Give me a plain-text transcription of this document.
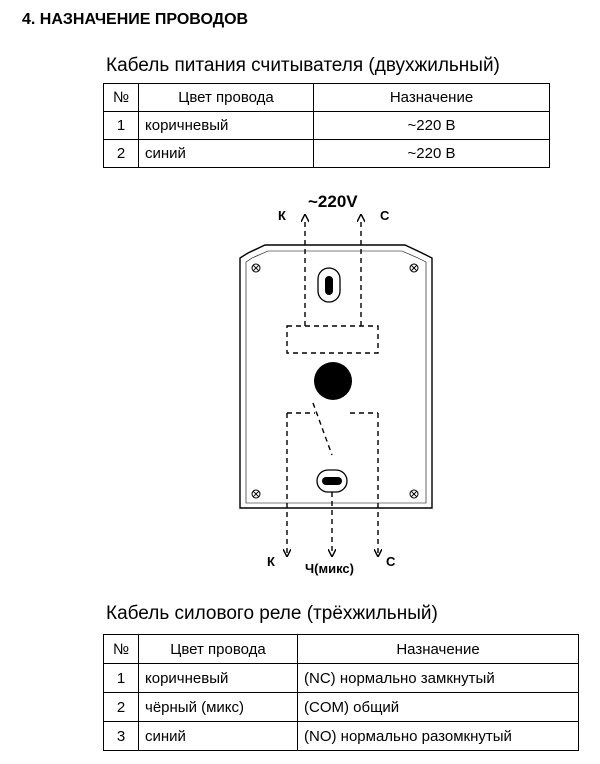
4. НАЗНАЧЕНИЕ ПРОВОДОВ
Кабель питания считывателя (двухжильный)
№	Цвет провода	Назначение
1	коричневый	~220 В
2	синий	~220 В
~220V
К	С
К Ч(микс) С
Кабель силового реле (трёхжильный)
№	Цвет провода	Назначение
1	коричневый	(NC) нормально замкнутый
2	чёрный (микс)	(COM) общий
3	синий	(NO) нормально разомкнутый
